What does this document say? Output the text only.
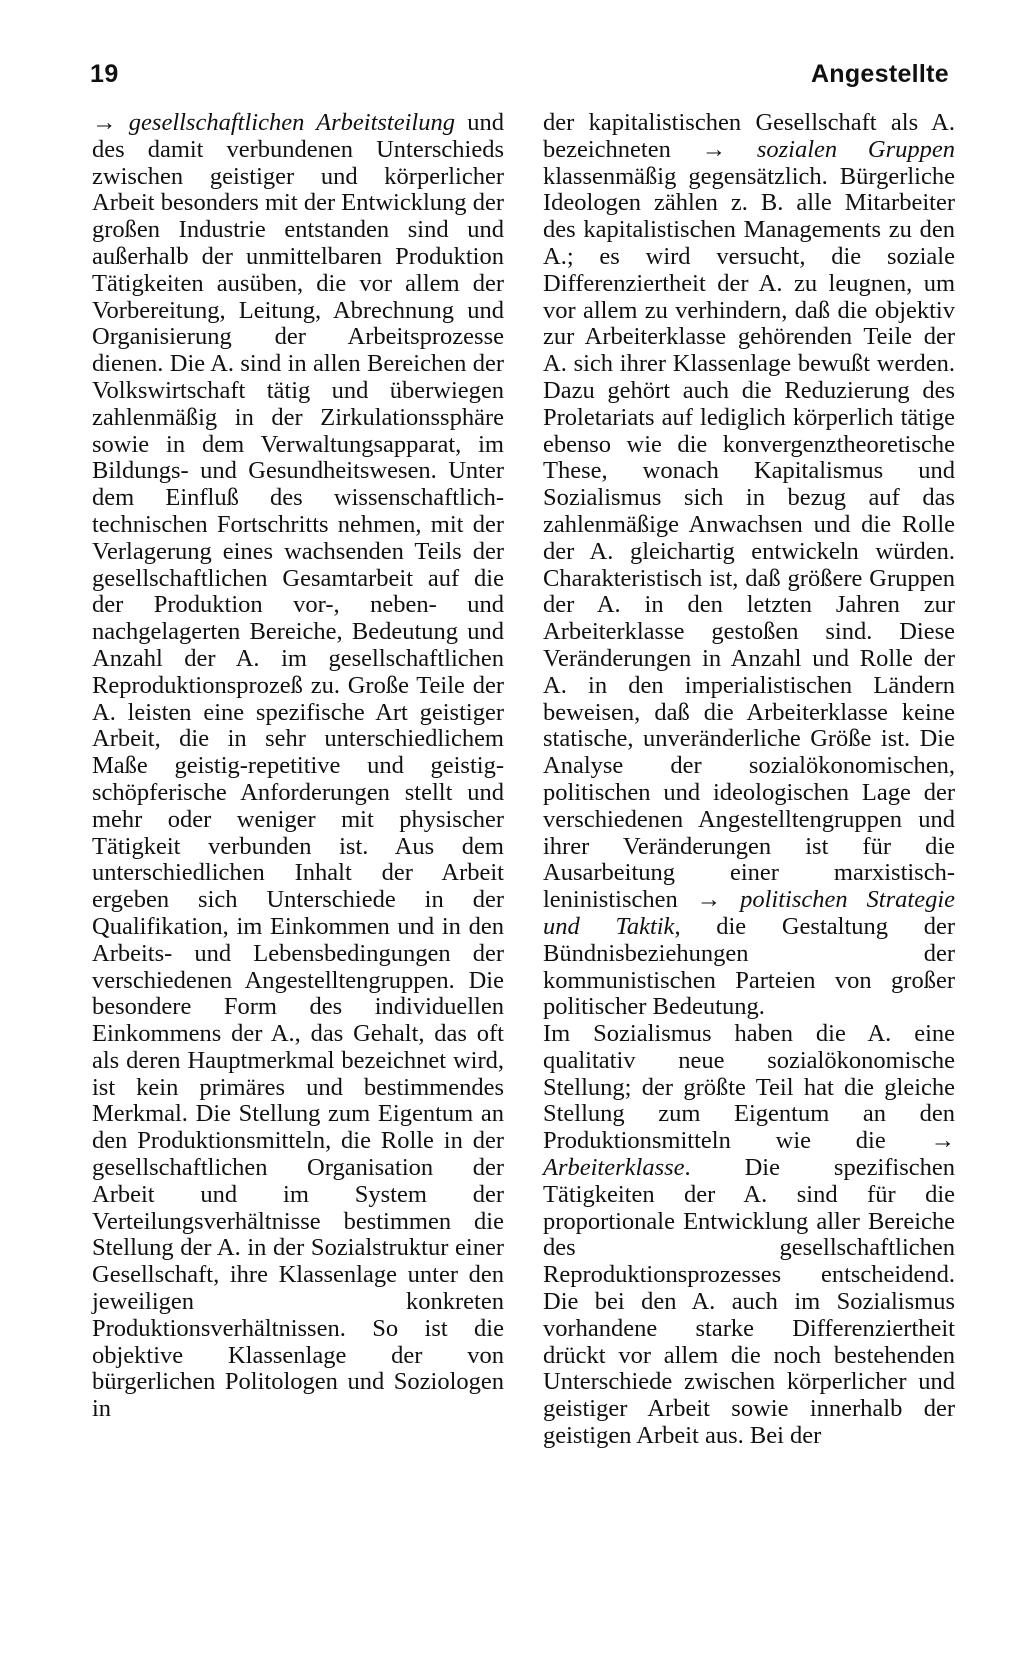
19	Angestellte

→ gesellschaftlichen Arbeitsteilung und des damit verbundenen Unterschieds zwischen geistiger und körperlicher Arbeit besonders mit der Entwicklung der großen Industrie entstanden sind und außerhalb der unmittelbaren Produktion Tätigkeiten ausüben, die vor allem der Vorbereitung, Leitung, Abrechnung und Organisierung der Arbeitsprozesse dienen. Die A. sind in allen Bereichen der Volkswirtschaft tätig und überwiegen zahlenmäßig in der Zirkulationssphäre sowie in dem Verwaltungsapparat, im Bildungs- und Gesundheitswesen. Unter dem Einfluß des wissenschaftlich-technischen Fortschritts nehmen, mit der Verlagerung eines wachsenden Teils der gesellschaftlichen Gesamtarbeit auf die der Produktion vor-, neben- und nachgelagerten Bereiche, Bedeutung und Anzahl der A. im gesellschaftlichen Reproduktionsprozeß zu. Große Teile der A. leisten eine spezifische Art geistiger Arbeit, die in sehr unterschiedlichem Maße geistig-repetitive und geistig-schöpferische Anforderungen stellt und mehr oder weniger mit physischer Tätigkeit verbunden ist. Aus dem unterschiedlichen Inhalt der Arbeit ergeben sich Unterschiede in der Qualifikation, im Einkommen und in den Arbeits- und Lebensbedingungen der verschiedenen Angestelltengruppen. Die besondere Form des individuellen Einkommens der A., das Gehalt, das oft als deren Hauptmerkmal bezeichnet wird, ist kein primäres und bestimmendes Merkmal. Die Stellung zum Eigentum an den Produktionsmitteln, die Rolle in der gesellschaftlichen Organisation der Arbeit und im System der Verteilungsverhältnisse bestimmen die Stellung der A. in der Sozialstruktur einer Gesellschaft, ihre Klassenlage unter den jeweiligen konkreten Produktionsverhältnissen. So ist die objektive Klassenlage der von bürgerlichen Politologen und Soziologen in

der kapitalistischen Gesellschaft als A. bezeichneten → sozialen Gruppen klassenmäßig gegensätzlich. Bürgerliche Ideologen zählen z. B. alle Mitarbeiter des kapitalistischen Managements zu den A.; es wird versucht, die soziale Differenziertheit der A. zu leugnen, um vor allem zu verhindern, daß die objektiv zur Arbeiterklasse gehörenden Teile der A. sich ihrer Klassenlage bewußt werden. Dazu gehört auch die Reduzierung des Proletariats auf lediglich körperlich tätige ebenso wie die konvergenztheoretische These, wonach Kapitalismus und Sozialismus sich in bezug auf das zahlenmäßige Anwachsen und die Rolle der A. gleichartig entwickeln würden. Charakteristisch ist, daß größere Gruppen der A. in den letzten Jahren zur Arbeiterklasse gestoßen sind. Diese Veränderungen in Anzahl und Rolle der A. in den imperialistischen Ländern beweisen, daß die Arbeiterklasse keine statische, unveränderliche Größe ist. Die Analyse der sozialökonomischen, politischen und ideologischen Lage der verschiedenen Angestelltengruppen und ihrer Veränderungen ist für die Ausarbeitung einer marxistisch-leninistischen → politischen Strategie und Taktik, die Gestaltung der Bündnisbeziehungen der kommunistischen Parteien von großer politischer Bedeutung.

Im Sozialismus haben die A. eine qualitativ neue sozialökonomische Stellung; der größte Teil hat die gleiche Stellung zum Eigentum an den Produktionsmitteln wie die → Arbeiterklasse. Die spezifischen Tätigkeiten der A. sind für die proportionale Entwicklung aller Bereiche des gesellschaftlichen Reproduktionsprozesses entscheidend. Die bei den A. auch im Sozialismus vorhandene starke Differenziertheit drückt vor allem die noch bestehenden Unterschiede zwischen körperlicher und geistiger Arbeit sowie innerhalb der geistigen Arbeit aus. Bei der
